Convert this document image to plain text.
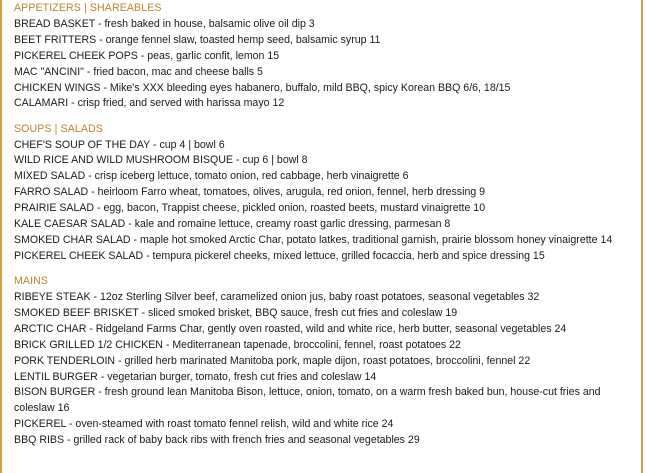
APPETIZERS | SHAREABLES

BREAD BASKET - fresh baked in house, balsamic olive oil dip 3

BEET FRITTERS - orange fennel slaw, toasted hemp seed, balsamic syrup 11

PICKEREL CHEEK POPS - peas, garlic confit, lemon 15

MAC "ANCINI" - fried bacon, mac and cheese balls 5

CHICKEN WINGS - Mike's XXX bleeding eyes habanero, buffalo, mild BBQ, spicy Korean BBQ 6/6, 18/15

CALAMARI - crisp fried, and served with harissa mayo 12

SOUPS | SALADS

CHEF'S SOUP OF THE DAY - cup 4 | bowl 6

WILD RICE AND WILD MUSHROOM BISQUE - cup 6 | bowl 8

MIXED SALAD - crisp iceberg lettuce, tomato onion, red cabbage, herb vinaigrette 6

FARRO SALAD - heirloom Farro wheat, tomatoes, olives, arugula, red onion, fennel, herb dressing 9

PRAIRIE SALAD - egg, bacon, Trappist cheese, pickled onion, roasted beets, mustard vinaigrette 10

KALE CAESAR SALAD - kale and romaine lettuce, creamy roast garlic dressing, parmesan 8

SMOKED CHAR SALAD - maple hot smoked Arctic Char, potato latkes, traditional garnish, prairie blossom honey vinaigrette 14

PICKEREL CHEEK SALAD - tempura pickerel cheeks, mixed lettuce, grilled focaccia, herb and spice dressing 15

MAINS

RIBEYE STEAK - 12oz Sterling Silver beef, caramelized onion jus, baby roast potatoes, seasonal vegetables 32

SMOKED BEEF BRISKET - sliced smoked brisket, BBQ sauce, fresh cut fries and coleslaw 19

ARCTIC CHAR - Ridgeland Farms Char, gently oven roasted, wild and white rice, herb butter, seasonal vegetables 24

BRICK GRILLED 1/2 CHICKEN - Mediterranean tapenade, broccolini, fennel, roast potatoes 22

PORK TENDERLOIN - grilled herb marinated Manitoba pork, maple dijon, roast potatoes, broccolini, fennel 22

LENTIL BURGER - vegetarian burger, tomato, fresh cut fries and coleslaw 14

BISON BURGER - fresh ground lean Manitoba Bison, lettuce, onion, tomato, on a warm fresh baked bun, house-cut fries and coleslaw 16

PICKEREL - oven-steamed with roast tomato fennel relish, wild and white rice 24

BBQ RIBS - grilled rack of baby back ribs with french fries and seasonal vegetables 29
